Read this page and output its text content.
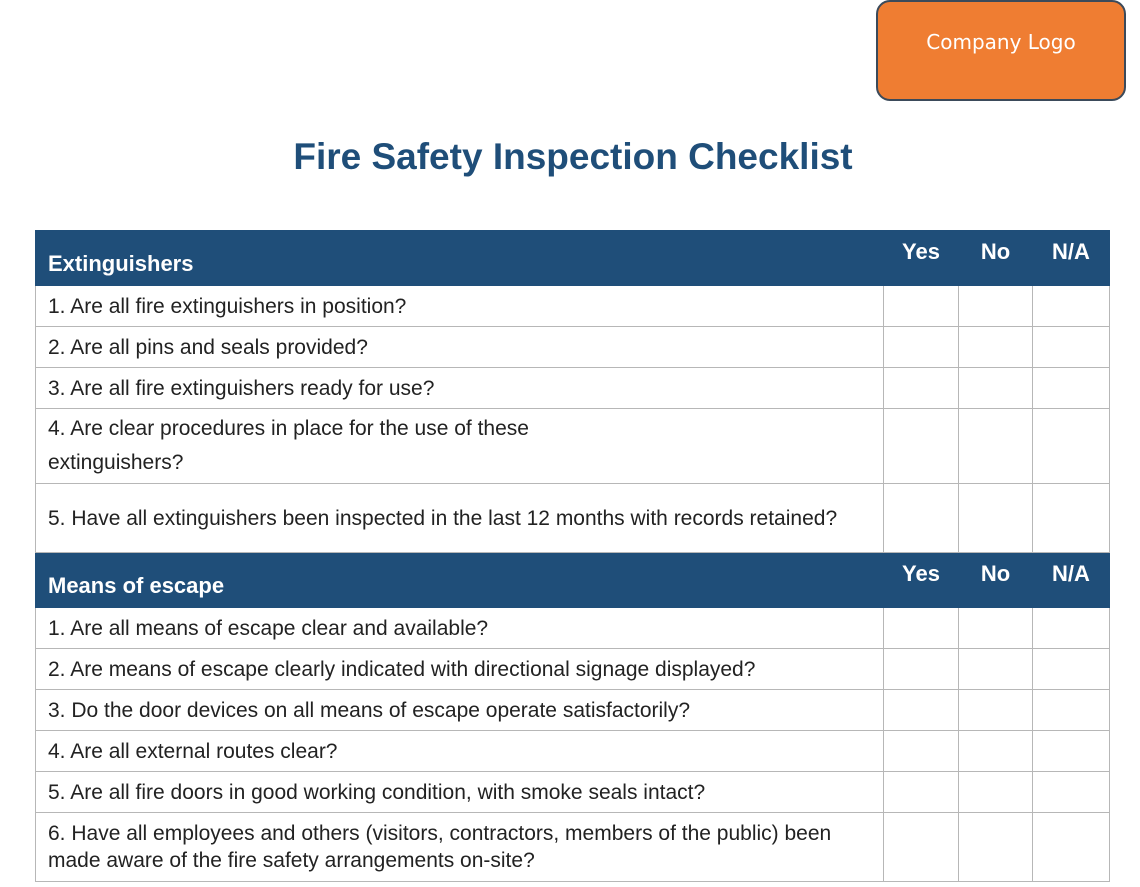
Company Logo
Fire Safety Inspection Checklist
Extinguishers	Yes	No	N/A
1. Are all fire extinguishers in position?			
2. Are all pins and seals provided?			
3. Are all fire extinguishers ready for use?			
4. Are clear procedures in place for the use of these extinguishers?			
5. Have all extinguishers been inspected in the last 12 months with records retained?			
Means of escape	Yes	No	N/A
1. Are all means of escape clear and available?			
2. Are means of escape clearly indicated with directional signage displayed?			
3. Do the door devices on all means of escape operate satisfactorily?			
4. Are all external routes clear?			
5. Are all fire doors in good working condition, with smoke seals intact?			
6. Have all employees and others (visitors, contractors, members of the public) been made aware of the fire safety arrangements on-site?			
